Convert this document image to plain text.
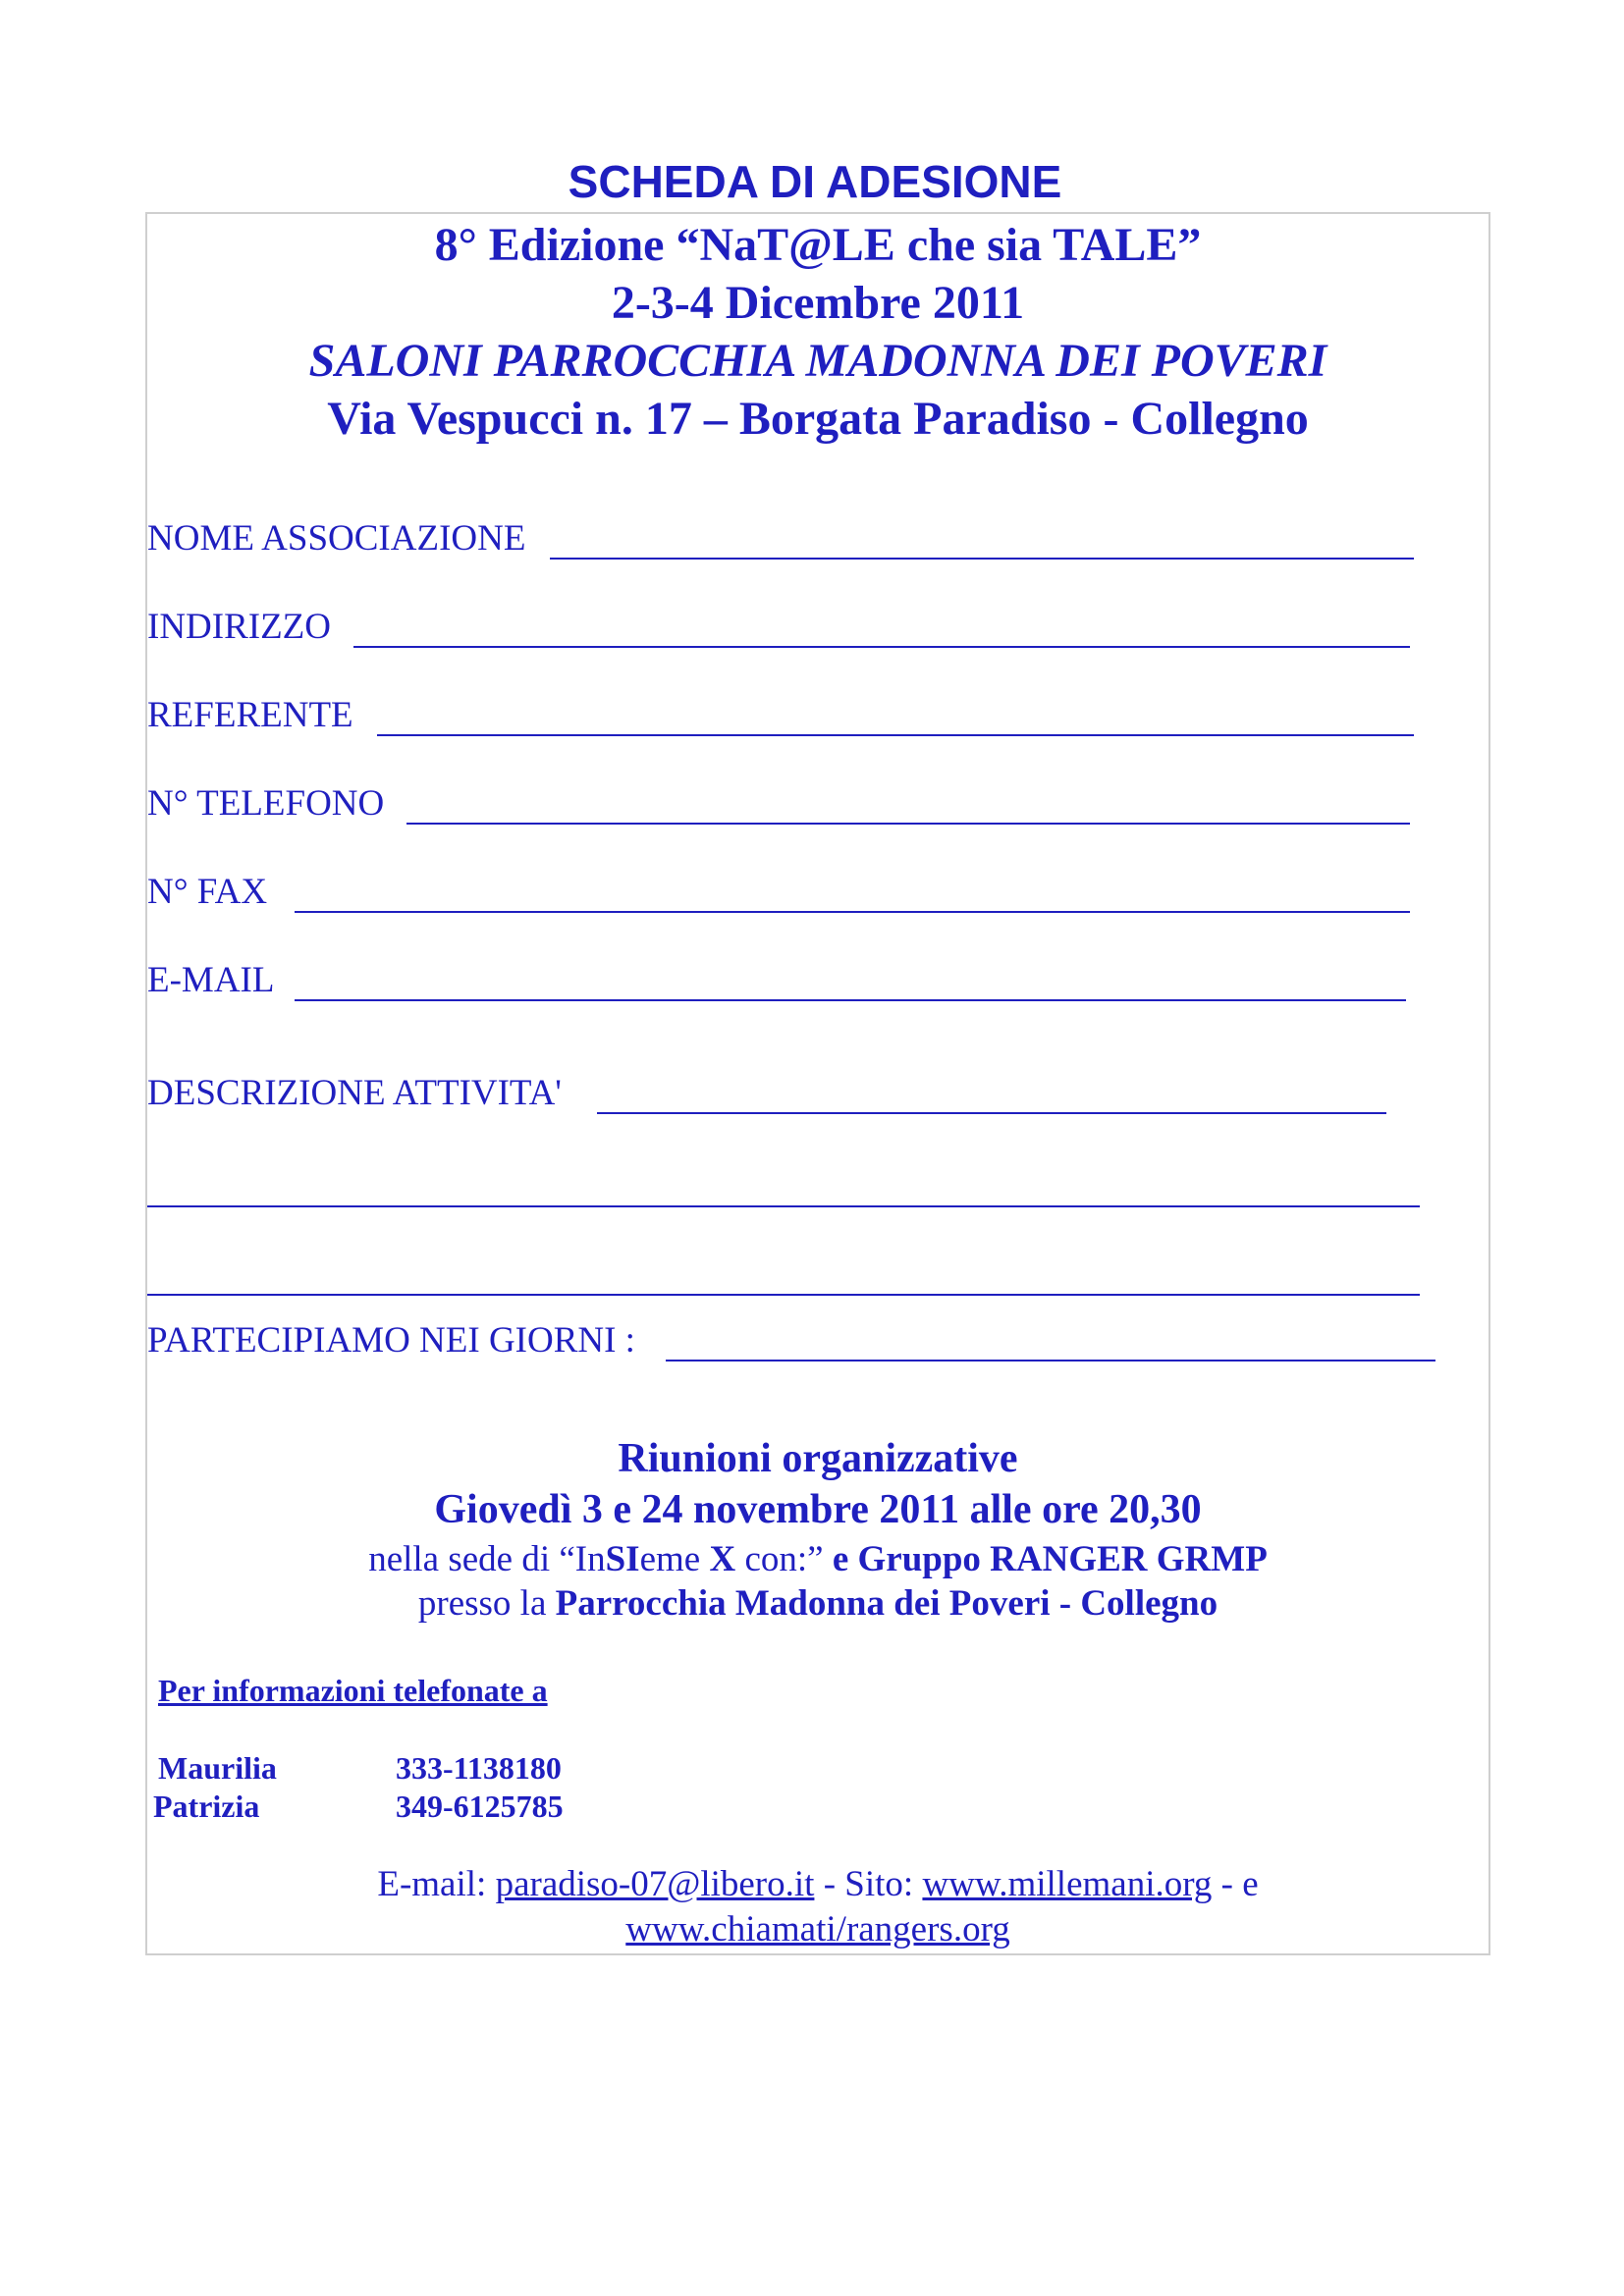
SCHEDA DI ADESIONE
8° Edizione “NaT@LE che sia TALE”
2-3-4 Dicembre 2011
SALONI PARROCCHIA MADONNA DEI POVERI
Via Vespucci n. 17 – Borgata Paradiso - Collegno
NOME ASSOCIAZIONE
INDIRIZZO
REFERENTE
N° TELEFONO
N° FAX
E-MAIL
DESCRIZIONE ATTIVITA'
PARTECIPIAMO NEI GIORNI :
Riunioni organizzative
Giovedì 3 e 24 novembre 2011 alle ore 20,30
nella sede di “InSIeme X con:” e Gruppo RANGER GRMP
presso la Parrocchia Madonna dei Poveri - Collegno
Per informazioni telefonate a
Maurilia	333-1138180
Patrizia	349-6125785
E-mail: paradiso-07@libero.it - Sito: www.millemani.org - e
www.chiamati/rangers.org
